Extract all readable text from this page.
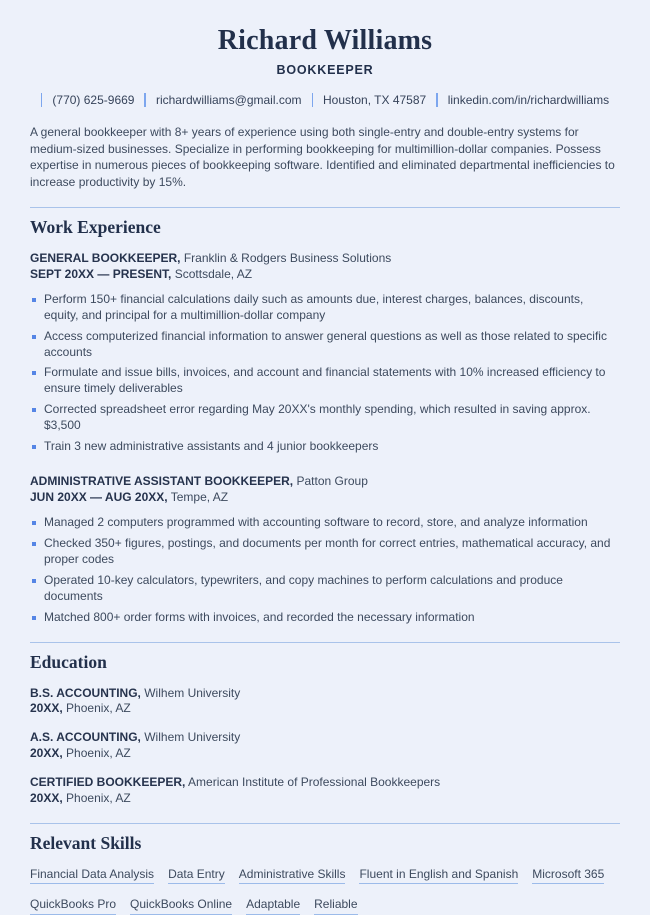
Richard Williams
BOOKKEEPER
(770) 625-9669 richardwilliams@gmail.com Houston, TX 47587 linkedin.com/in/richardwilliams

A general bookkeeper with 8+ years of experience using both single-entry and double-entry systems for medium-sized businesses. Specialize in performing bookkeeping for multimillion-dollar companies. Possess expertise in numerous pieces of bookkeeping software. Identified and eliminated departmental inefficiencies to increase productivity by 15%.

Work Experience
GENERAL BOOKKEEPER, Franklin & Rodgers Business Solutions
SEPT 20XX — PRESENT, Scottsdale, AZ
Perform 150+ financial calculations daily such as amounts due, interest charges, balances, discounts, equity, and principal for a multimillion-dollar company
Access computerized financial information to answer general questions as well as those related to specific accounts
Formulate and issue bills, invoices, and account and financial statements with 10% increased efficiency to ensure timely deliverables
Corrected spreadsheet error regarding May 20XX's monthly spending, which resulted in saving approx. $3,500
Train 3 new administrative assistants and 4 junior bookkeepers
ADMINISTRATIVE ASSISTANT BOOKKEEPER, Patton Group
JUN 20XX — AUG 20XX, Tempe, AZ
Managed 2 computers programmed with accounting software to record, store, and analyze information
Checked 350+ figures, postings, and documents per month for correct entries, mathematical accuracy, and proper codes
Operated 10-key calculators, typewriters, and copy machines to perform calculations and produce documents
Matched 800+ order forms with invoices, and recorded the necessary information
Education
B.S. ACCOUNTING, Wilhem University
20XX, Phoenix, AZ
A.S. ACCOUNTING, Wilhem University
20XX, Phoenix, AZ
CERTIFIED BOOKKEEPER, American Institute of Professional Bookkeepers
20XX, Phoenix, AZ
Relevant Skills
Financial Data Analysis Data Entry Administrative Skills Fluent in English and Spanish Microsoft 365
QuickBooks Pro QuickBooks Online Adaptable Reliable
